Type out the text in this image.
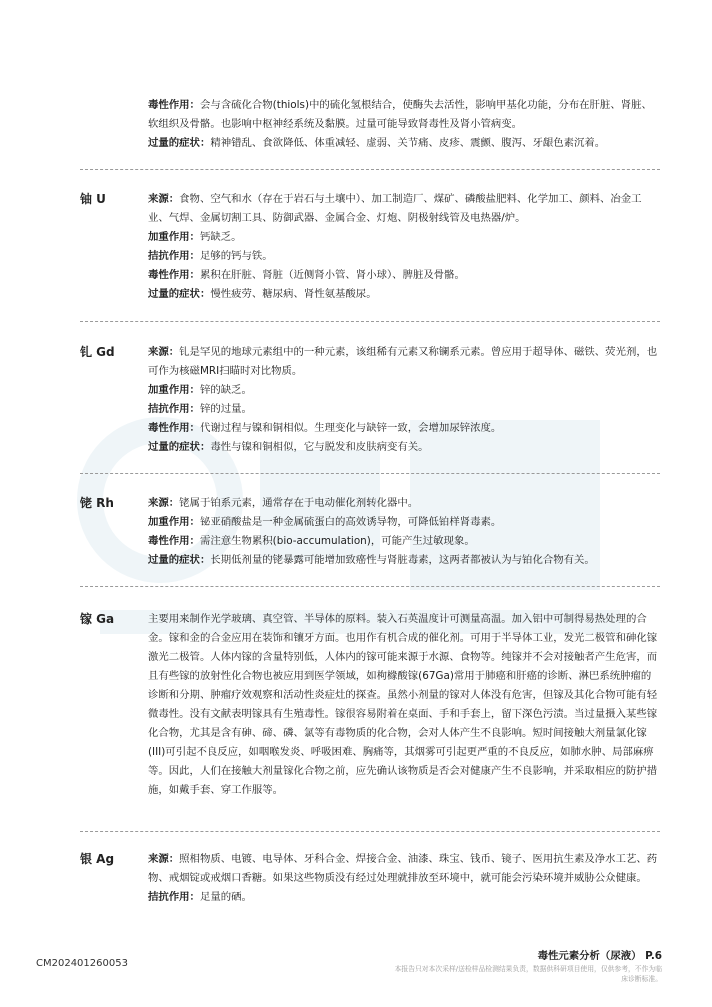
毒性作用：会与含硫化合物(thiols)中的硫化氢根结合，使酶失去活性，影响甲基化功能，分布在肝脏、肾脏、软组织及骨骼。也影响中枢神经系统及黏膜。过量可能导致肾毒性及肾小管病变。

过量的症状：精神错乱、食欲降低、体重减轻、虚弱、关节痛、皮疹、震颤、腹泻、牙龈色素沉着。

铀 U	来源：食物、空气和水（存在于岩石与土壤中）、加工制造厂、煤矿、磷酸盐肥料、化学加工、颜料、冶金工业、气焊、金属切割工具、防御武器、金属合金、灯炮、阴极射线管及电热器/炉。

加重作用：钙缺乏。

拮抗作用：足够的钙与铁。

毒性作用：累积在肝脏、肾脏（近侧肾小管、肾小球）、脾脏及骨骼。

过量的症状：慢性疲劳、糖尿病、肾性氨基酸尿。

钆 Gd	来源：钆是罕见的地球元素组中的一种元素，该组稀有元素又称镧系元素。曾应用于超导体、磁铁、荧光剂，也可作为核磁MRI扫瞄时对比物质。

加重作用：锌的缺乏。

拮抗作用：锌的过量。

毒性作用：代谢过程与镍和铜相似。生理变化与缺锌一致，会增加尿锌浓度。

过量的症状：毒性与镍和铜相似，它与脱发和皮肤病变有关。

铑 Rh	来源：铑属于铂系元素，通常存在于电动催化剂转化器中。

加重作用：铋亚硝酸盐是一种金属硫蛋白的高效诱导物，可降低铂样肾毒素。

毒性作用：需注意生物累积(bio-accumulation)，可能产生过敏现象。

过量的症状：长期低剂量的铑暴露可能增加致癌性与肾脏毒素，这两者都被认为与铂化合物有关。

镓 Ga	主要用来制作光学玻璃、真空管、半导体的原料。装入石英温度计可测量高温。加入铝中可制得易热处理的合金。镓和金的合金应用在装饰和镶牙方面。也用作有机合成的催化剂。可用于半导体工业，发光二极管和砷化镓激光二极管。人体内镓的含量特别低，人体内的镓可能来源于水源、食物等。纯镓并不会对接触者产生危害，而且有些镓的放射性化合物也被应用到医学领域，如枸橼酸镓(67Ga)常用于肺癌和肝癌的诊断、淋巴系统肿瘤的诊断和分期、肿瘤疗效观察和活动性炎症灶的探查。虽然小剂量的镓对人体没有危害，但镓及其化合物可能有轻微毒性。没有文献表明镓具有生殖毒性。镓很容易附着在桌面、手和手套上，留下深色污渍。当过量摄入某些镓化合物，尤其是含有砷、碲、磷、氯等有毒物质的化合物，会对人体产生不良影响。短时间接触大剂量氯化镓(III)可引起不良反应，如咽喉发炎、呼吸困难、胸痛等，其烟雾可引起更严重的不良反应，如肺水肿、局部麻痹等。因此，人们在接触大剂量镓化合物之前，应先确认该物质是否会对健康产生不良影响，并采取相应的防护措施，如戴手套、穿工作服等。

银 Ag	来源：照相物质、电镀、电导体、牙科合金、焊接合金、油漆、珠宝、钱币、镜子、医用抗生素及净水工艺、药物、戒烟锭或戒烟口香糖。如果这些物质没有经过处理就排放至环境中，就可能会污染环境并威胁公众健康。

拮抗作用：足量的硒。

CM202401260053
毒性元素分析（尿液） P.6
本报告只对本次采样/送检样品检测结果负责，数据供科研项目使用，仅供参考，不作为临床诊断标准。
